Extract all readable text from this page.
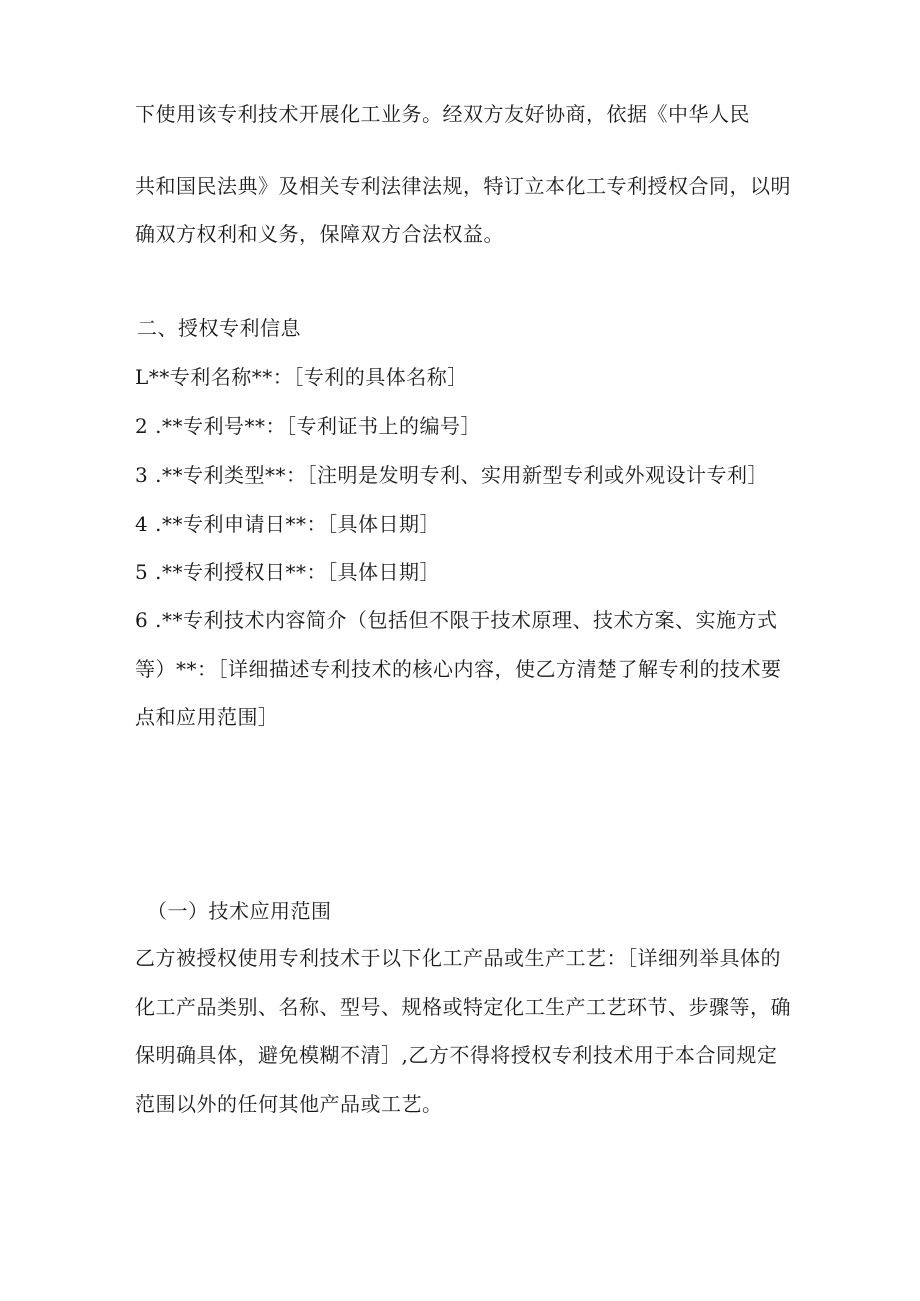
下使用该专利技术开展化工业务。经双方友好协商，依据《中华人民
共和国民法典》及相关专利法律法规，特订立本化工专利授权合同，以明
确双方权利和义务，保障双方合法权益。
二、授权专利信息
L**专利名称**：［专利的具体名称］
2 .**专利号**：［专利证书上的编号］
3 .**专利类型**：［注明是发明专利、实用新型专利或外观设计专利］
4 .**专利申请日**：［具体日期］
5 .**专利授权日**：［具体日期］
6 .**专利技术内容简介（包括但不限于技术原理、技术方案、实施方式
等）**：［详细描述专利技术的核心内容，使乙方清楚了解专利的技术要
点和应用范围］
（一）技术应用范围
乙方被授权使用专利技术于以下化工产品或生产工艺：［详细列举具体的
化工产品类别、名称、型号、规格或特定化工生产工艺环节、步骤等，确
保明确具体，避免模糊不清］,乙方不得将授权专利技术用于本合同规定
范围以外的任何其他产品或工艺。
